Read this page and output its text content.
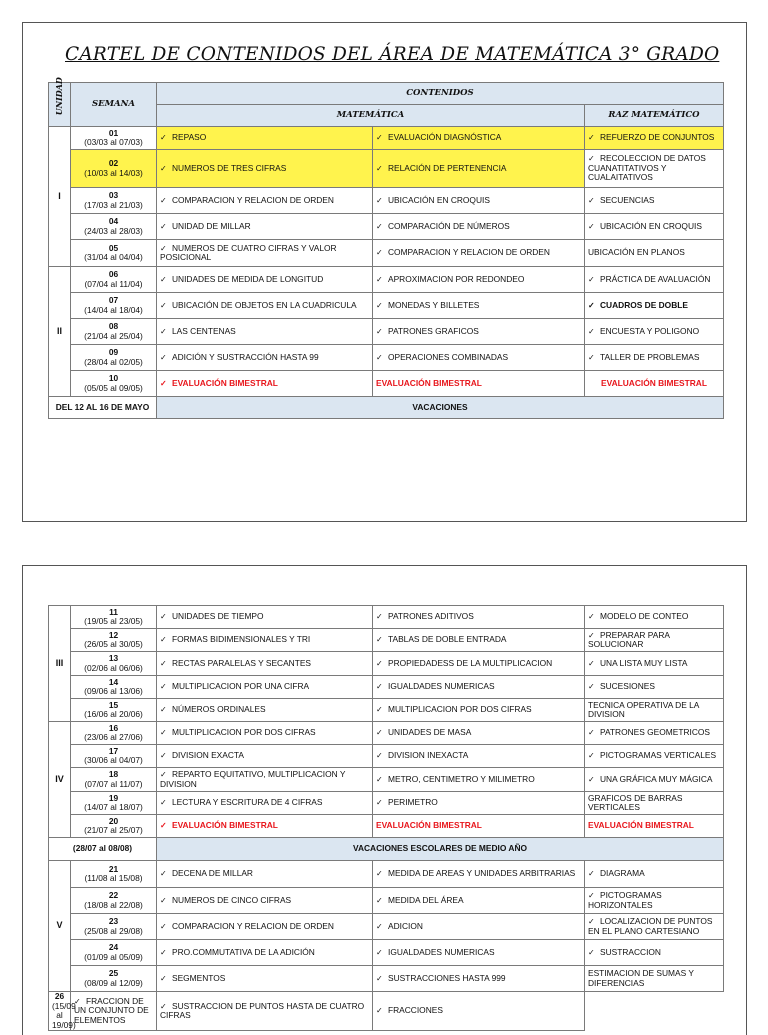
CARTEL DE CONTENIDOS DEL ÁREA DE MATEMÁTICA 3° GRADO
UNIDAD	SEMANA	CONTENIDOS		
		MATEMÁTICA		RAZ MATEMÁTICO
I	01
(03/03 al 07/03)	✓ REPASO	✓ EVALUACIÓN DIAGNÓSTICA	✓ REFUERZO DE CONJUNTOS

	02
(10/03 al 14/03)	✓ NUMEROS DE TRES CIFRAS	✓ RELACIÓN DE PERTENENCIA	✓ RECOLECCION DE DATOS CUANATITATIVOS Y CUALAITATIVOS

	03
(17/03 al 21/03)	✓ COMPARACION Y RELACION DE ORDEN	✓ UBICACIÓN EN CROQUIS	✓ SECUENCIAS

	04
(24/03 al 28/03)	✓ UNIDAD DE MILLAR	✓ COMPARACIÓN DE NÚMEROS	✓ UBICACIÓN EN CROQUIS

	05
(31/04 al 04/04)	✓ NUMEROS DE CUATRO CIFRAS Y VALOR POSICIONAL	✓ COMPARACION Y RELACION DE ORDEN	UBICACIÓN EN PLANOS
II	06
(07/04 al 11/04)	✓ UNIDADES DE MEDIDA DE LONGITUD	✓ APROXIMACION POR REDONDEO	✓ PRÁCTICA DE AVALUACIÓN

	07
(14/04 al 18/04)	✓ UBICACIÓN DE OBJETOS EN LA CUADRICULA	✓ MONEDAS Y BILLETES	✓ CUADROS DE DOBLE

	08
(21/04 al 25/04)	✓ LAS CENTENAS	✓ PATRONES GRAFICOS	✓ ENCUESTA Y POLIGONO

	09
(28/04 al 02/05)	✓ ADICIÓN Y SUSTRACCIÓN HASTA 99	✓ OPERACIONES COMBINADAS	✓ TALLER DE PROBLEMAS

	10
(05/05 al 09/05)	✓ EVALUACIÓN BIMESTRAL	EVALUACIÓN BIMESTRAL	EVALUACIÓN BIMESTRAL
DEL 12 AL 16 DE MAYO		VACACIONES		
III	11
(19/05 al 23/05)	✓ UNIDADES DE TIEMPO	✓ PATRONES ADITIVOS	✓ MODELO DE CONTEO

	12
(26/05 al 30/05)	✓ FORMAS BIDIMENSIONALES Y TRI	✓ TABLAS DE DOBLE ENTRADA	✓ PREPARAR PARA SOLUCIONAR

	13
(02/06 al 06/06)	✓ RECTAS PARALELAS Y SECANTES	✓ PROPIEDADESS DE LA MULTIPLICACION	✓ UNA LISTA MUY LISTA

	14
(09/06 al 13/06)	✓ MULTIPLICACION POR UNA CIFRA	✓ IGUALDADES NUMERICAS	✓ SUCESIONES

	15
(16/06 al 20/06)	✓ NÚMEROS ORDINALES	✓ MULTIPLICACION POR DOS CIFRAS	TECNICA OPERATIVA DE LA DIVISION
IV	16
(23/06 al 27/06)	✓ MULTIPLICACION POR DOS CIFRAS	✓ UNIDADES DE MASA	✓ PATRONES GEOMETRICOS

	17
(30/06 al 04/07)	✓ DIVISION EXACTA	✓ DIVISION INEXACTA	✓ PICTOGRAMAS VERTICALES

	18
(07/07 al 11/07)	✓ REPARTO EQUITATIVO, MULTIPLICACION Y DIVISION	✓ METRO, CENTIMETRO Y MILIMETRO	✓ UNA GRÁFICA MUY MÁGICA

	19
(14/07 al 18/07)	✓ LECTURA Y ESCRITURA DE 4 CIFRAS	✓ PERIMETRO	GRAFICOS DE BARRAS VERTICALES

	20
(21/07 al 25/07)	✓ EVALUACIÓN BIMESTRAL	EVALUACIÓN BIMESTRAL	EVALUACIÓN BIMESTRAL
(28/07 al 08/08)		VACACIONES ESCOLARES DE MEDIO AÑO		
V	21
(11/08 al 15/08)	✓ DECENA DE MILLAR	✓ MEDIDA DE AREAS Y UNIDADES ARBITRARIAS	✓ DIAGRAMA

	22
(18/08 al 22/08)	✓ NUMEROS DE CINCO CIFRAS	✓ MEDIDA DEL ÁREA	✓ PICTOGRAMAS HORIZONTALES

	23
(25/08 al 29/08)	✓ COMPARACION Y RELACION DE ORDEN	✓ ADICION	✓ LOCALIZACION DE PUNTOS EN EL PLANO CARTESIANO

	24
(01/09 al 05/09)	✓ PRO.COMMUTATIVA DE LA ADICIÓN	✓ IGUALDADES NUMERICAS	✓ SUSTRACCION

	25
(08/09 al 12/09)	✓ SEGMENTOS	✓ SUSTRACCIONES HASTA 999	ESTIMACION DE SUMAS Y DIFERENCIAS

26
(15/09 al 19/09)	✓ FRACCION DE UN CONJUNTO DE ELEMENTOS	✓ SUSTRACCION DE PUNTOS HASTA DE CUATRO CIFRAS	✓ FRACCIONES	
